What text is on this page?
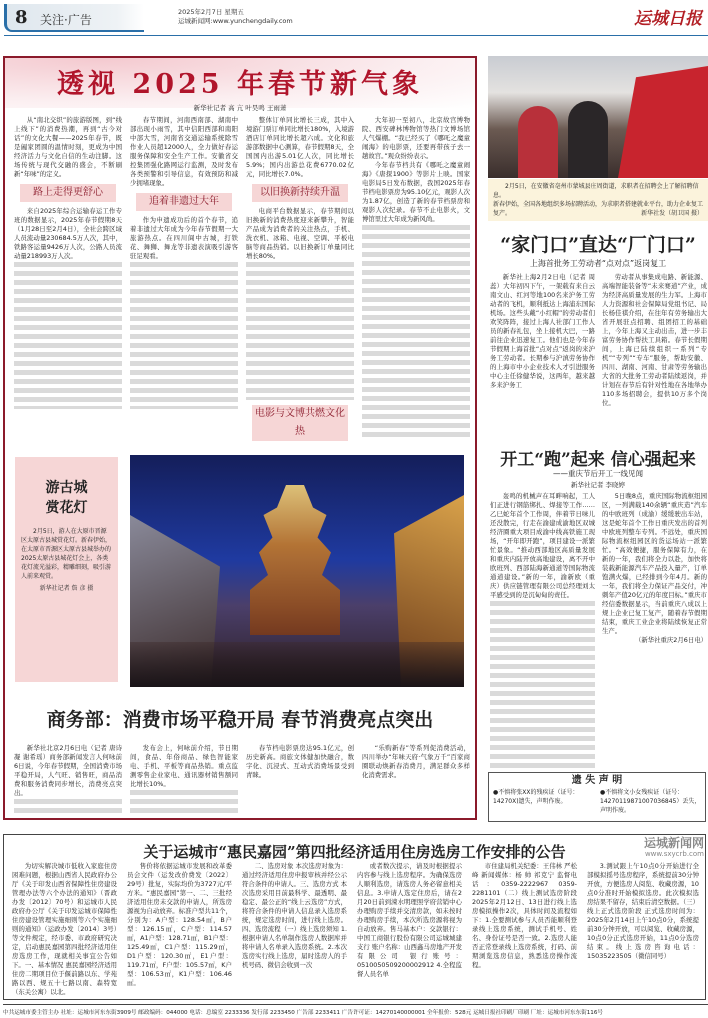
8 关注·广告
2025年2月7日 星期五
运城新闻网:www.yunchengdaily.com	运城日报
透视 2025 年春节新气象
新华社记者 高 亢 叶昊鸣 王雨萧

从“南北交织”的旅游版图，到“线上线下”的消费热潮，再到“古今对话”的文化大餐——2025年春节，既是阖家团圆的温情时刻，更成为中国经济活力与文化自信的生动注脚。这场传统与现代交融的盛会，不断刷新“年味”的定义。

路上走得更舒心

来自2025年综合运输春运工作专班的数据显示，2025年春节假期8天（1月28日至2月4日），全社会跨区域人员流动量230684.5万人次，其中，铁路客运量9426万人次，公路人员流动量218993万人次。

春节期间，河南西南部、湖南中部出现小雨雪，其中信阳西部和南阳中部大雪，河南省交通运输系统除雪作业人员超12000人，全力做好春运服务保障和安全生产工作。安徽省交控集团强化路网运行监测，及时发布各类预警和引导信息，有效预防和减少拥堵现象。

追着非遗过大年

作为申遗成功后的首个春节，追着非遗过大年成为今年春节假期一大旅游热点。在四川阆中古城，打铁花、舞狮、舞龙等非遗表演吸引游客驻足观看。

整体订单同比增长三成，其中入境游门票订单同比增长180%，入境游酒店订单同比增长超六成。文化和旅游部数据中心测算，春节假期8天，全国国内出游5.01亿人次，同比增长5.9%；国内出游总花费6770.02亿元，同比增长7.0%。

以旧换新持续升温

电商平台数据显示，春节期间以旧换新的消费热度迎来新攀升，智能产品成为消费者的关注热点，手机、洗衣机、冰箱、电视、空调、平板电脑等商品热销。以旧换新订单量同比增长80%。

电影与文博共燃文化热

大年初一至初八，北京故宫博物院、西安碑林博物馆等热门文博场馆人气爆棚。“我已经买了《哪吒之魔童闹海》的电影票，还要再带孩子去一趟故宫。”观众纷纷表示。

今年春节档共有《哪吒之魔童闹海》《唐探1900》等影片上映。国家电影局5日发布数据，我国2025年春节档电影票房为95.10亿元，观影人次为1.87亿，创造了新的春节档票房和观影人次纪录。春节不止电影火，文博馆里过大年成为新风尚。

游古城
赏花灯

2月5日，游人在大原市晋源区太原古县城赏花灯。新春伊始，在太原市晋源区太原古县城举办的2025太原古县城花灯会上，各类花灯流光溢彩，精雕细刻，吸引游人前来观赏。

新华社记者 詹 彦 摄

商务部：消费市场平稳开局 春节消费亮点突出

新华社北京2月6日电（记者 唐诗凝 谢希瑶）商务部新闻发言人何咏前6日说，今年春节假期，全国消费市场平稳开局，人气旺、销售旺，商品消费和服务消费同步增长，消费亮点突出。

发布会上，何咏前介绍，节日期间，食品、年俗商品、绿色智能家电、手机、平板等商品热销。重点监测零售企业家电、通讯器材销售额同比增长10%。

春节档电影票房达95.1亿元，创历史新高。商旅文体健加快融合，数字化、沉浸式、互动式消费场景受到青睐。

“乐购新春”等系列促消费活动，四川举办“年味天府·气象万千”百家商圈联动焕新春消费月，满足群众多样化消费需求。

2月5日，在安徽省亳州市蒙城县庄周街道，求职者在招聘会上了解招聘信息。

新春伊始，全国各地组织多场招聘活动，为求职者搭建就业平台，助力企业复工复产。	新华社发（胡卫国 摄）
“家门口”直达“厂门口”
上海首批务工劳动者“点对点”返岗复工

新华社上海2月2日电（记者 周 蕊）大年初四下午，一架载有来自云南文山、红河等地100名来沪务工劳动者的飞机，顺利抵达上海浦东国际机场。这些头戴“小红帽”的劳动者们欢笑阵阵，接过上海人社部门工作人员的新春礼包，坐上接机大巴，一路前往企业迅速复工。他们也是今年春节假期上海首批“点对点”返岗的来沪务工劳动者。长期参与沪滇劳务协作的上海市中小企业技术人才引进服务中心主任徐健华说，这两年，越来越多来沪务工

劳动者从事集成电路、新能源、高端智能装备等“未来赛道”产业，成为经济高质量发展的生力军。上海市人力资源和社会保障局党组书记、局长杨佳祺介绍，在往年有劳务输出大省开展驻点招聘、组团招工的基础上，今年上海又主动出击，进一步丰富劳务协作帮扶工具箱。春节长假期间，上海已陆续组织一系列“专机”“专列”“专车”服务，帮助安徽、四川、湖南、河南、甘肃等劳务输出大省的大批务工劳动者陆续返岗，并计划在春节后有针对性地在各地举办110多场招聘会，提供10万多个岗位。

开工“跑”起来 信心强起来
——重庆节后开工一线见闻
新华社记者 李晓婷

轰鸣的机械声在耳畔响起，工人们正进行钢筋绑扎、焊接等工作……乙巳蛇年首个工作周，伴着节日味儿还没散完，行走在渝建成渝地区双城经济圈重大项目成渝中线高铁施工现场，“开年即开跑”，项目建设一派繁忙景象。“推动西部地区高质量发展和重庆内陆开放高地建设，离不开中欧班列、西部陆海新通道等国际物流通道建设。”新的一年，渝新欧（重庆）供应链管理有限公司总经理刘太平感受到的是沉甸甸的责任。

5日晚8点，重庆国际物流枢纽园区，一列满载140余辆“重庆造”汽车的中欧班列（成渝）缓缓驶出车站，这是蛇年首个工作日重庆发出的首列中欧班列整车专列。不远处，重庆国际物流枢纽园区的货运场站一派繁忙。“高效便捷，服务保障有力，在新的一年，我们将全力以赴，加快将装载新能源汽车产品投入量产，订单饱满火爆，已经排到今年4月。新的一年，我们将全力保证产品交付，冲刺年产值20亿元的年度目标。”重庆市经信委数据显示，当前重庆八成以上规上企业已复工复产，随着春节假期结束，重庆工业企业将陆续恢复正常生产。

（新华社重庆2月6日电）

遗 失 声 明

●不慎将张XX的残疾证（证号：14270X)遗失，声明作废。

●不慎将文小女残疾证（证号：14270119871007036845）丢失，声明作废。

关于运城市“惠民嘉园”第四批经济适用住房选房工作安排的公告

为切实解决城市低收入家庭住房困难问题，根据山西省人民政府办公厅《关于印发山西省保障性住房建设管理办法等六个办法的通知》（晋政办发〔2012〕70号）和运城市人民政府办公厅《关于印发运城市保障性住房建设管理实施细则等六个实施细则的通知》（运政办发〔2014〕3号）等文件规定，经市委、市政府研究决定，启动惠民嘉园第四批经济适用住房选房工作，现就相关事宜公告如下。一、基本情况 惠民嘉园经济适用住房二期项目位于偃前路以东、学苑路以西、规五十七路以南、森特宽（东关公寓）以北。

售价将依据运城市发展和改革委员会文件（运发改价费发〔2022〕29号）批复，实际均价为3727元/平方米。“惠民嘉园”第一、二、三批经济适用住房未交款的申请人，所选房源视为自动放弃。标准户型共11个，分别为：A户型：128.54㎡，B户型：126.15㎡，C户型：114.57㎡，A1户型：128.71㎡，B1户型：125.49㎡，C1户型：115.29㎡，D1户型：120.30㎡，E1户型：119.71㎡，F户型：105.57㎡，K户型：106.53㎡，K1户型：106.46㎡。

二、选房对象 本次选房对象为：通过经济适用住房申报审核并经公示符合条件的申请人。三、选房方式 本次选房采用目前最科学、最透明、最稳定、最公正的“线上云选房”方式，将符合条件的申请人信息录入选房系统，规定选房时间，进行线上选房。四、选房流程（一）线上选房须知 1.根据申请人名单制作选房人数据库并将申请人名单录入选房系统。2.本次选房实行线上选房，届时选房人的手机号码、微信会收到一次

或者数次提示，请及时根据提示内容参与线上选房程序。为确保选房人顺利选房，请选房人务必留意相关信息。3.申请人选定住房后，请在2月20日前到涑水明理照学府营销中心办理购房手续并交清房款，如未按时办理购房手续，本次所选房源将视为自动放弃。售马基本户：交款银行：中国工商银行股份有限公司运城城建支行 账户名称：山西鑫马房地产开发有限公司 银行账号：0510050509200002912 4.全程监督人员名单

市住建局机关纪委：王伟林 严松峰 新闻媒体：杨 帅 祁克宁 监督电话：0359-2222967 0359-2281101（二）线上测试选房阶段 2025年2月12日、13日进行线上选房模拟操作2次，具体时间及流程如下：1.全要测试参与人员否能顺利登录线上选房系统，测试手机号、姓名、身份证号是否一致。2.选房人能否正常登录线上选房系统，打码、前期浏览选房信息，熟悉选房操作流程。

3.测试跟上午10点0分开始进行全部模拟摇号选房程序，系统提前30分钟开放，方便选房人阅览、收藏房源，10点0分准时开始模拟选房。此次模拟选房结果不留存，结束后清空数据。（三）线上正式选房阶段 正式选房时间为：2025年2月14日上午10点0分，系统提前30分钟开放，可以阅览、收藏房源，10点0分正式选房开始，11点0分选房结束。线上选房咨询电话：15035223505（微信同号）

运城新闻网
www.sxycrb.com
中共运城市委主管主办 社址：运城市河东东街3909号 邮政编码：044000 电话：总编室 2233336 发行部 2233450 广告部 2233411 广告许可证：14270140000001 全年报价：528元 运城日报社印刷厂印刷 厂址：运城市河东东街116号
